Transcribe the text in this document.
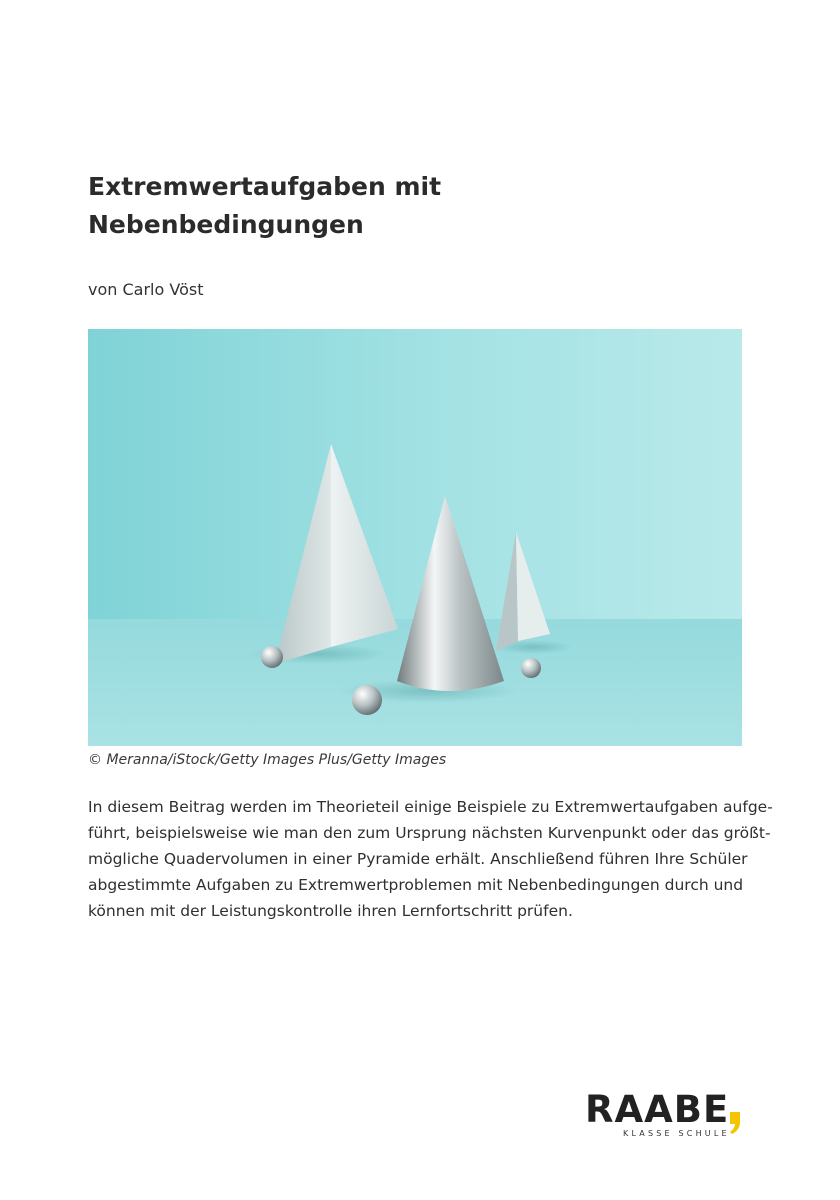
Extremwertaufgaben mit
Nebenbedingungen
von Carlo Vöst
© Meranna/iStock/Getty Images Plus/Getty Images

In diesem Beitrag werden im Theorieteil einige Beispiele zu Extremwertaufgaben aufge-
führt, beispielsweise wie man den zum Ursprung nächsten Kurvenpunkt oder das größt-
mögliche Quadervolumen in einer Pyramide erhält. Anschließend führen Ihre Schüler
abgestimmte Aufgaben zu Extremwertproblemen mit Nebenbedingungen durch und
können mit der Leistungskontrolle ihren Lernfortschritt prüfen.

RAABE
KLASSE SCHULE
